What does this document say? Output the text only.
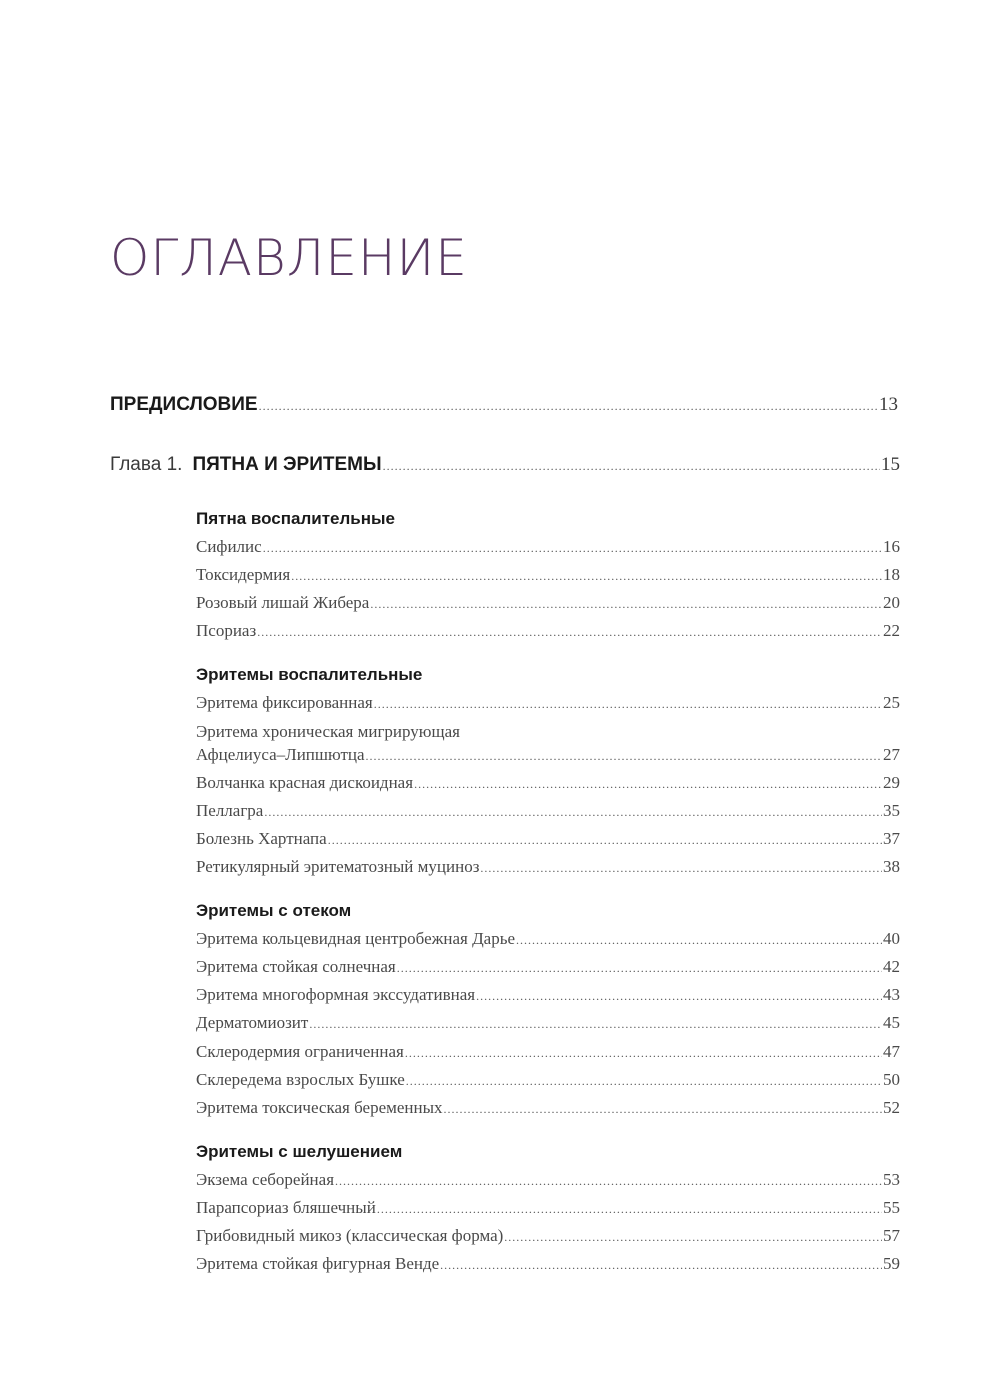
ОГЛАВЛЕНИЕ
ПРЕДИСЛОВИЕ .....	13
Глава 1. ПЯТНА И ЭРИТЕМЫ .....	15
Пятна воспалительные
Сифилис .....	16
Токсидермия .....	18
Розовый лишай Жибера .....	20
Псориаз .....	22
Эритемы воспалительные
Эритема фиксированная .....	25
Эритема хроническая мигрирующая
Афцелиуса–Липшютца .....	27
Волчанка красная дискоидная .....	29
Пеллагра .....	35
Болезнь Хартнапа .....	37
Ретикулярный эритематозный муциноз .....	38
Эритемы с отеком
Эритема кольцевидная центробежная Дарье .....	40
Эритема стойкая солнечная .....	42
Эритема многоформная экссудативная .....	43
Дерматомиозит .....	45
Склеродермия ограниченная .....	47
Склередема взрослых Бушке .....	50
Эритема токсическая беременных .....	52
Эритемы с шелушением
Экзема себорейная .....	53
Парапсориаз бляшечный .....	55
Грибовидный микоз (классическая форма) .....	57
Эритема стойкая фигурная Венде .....	59
